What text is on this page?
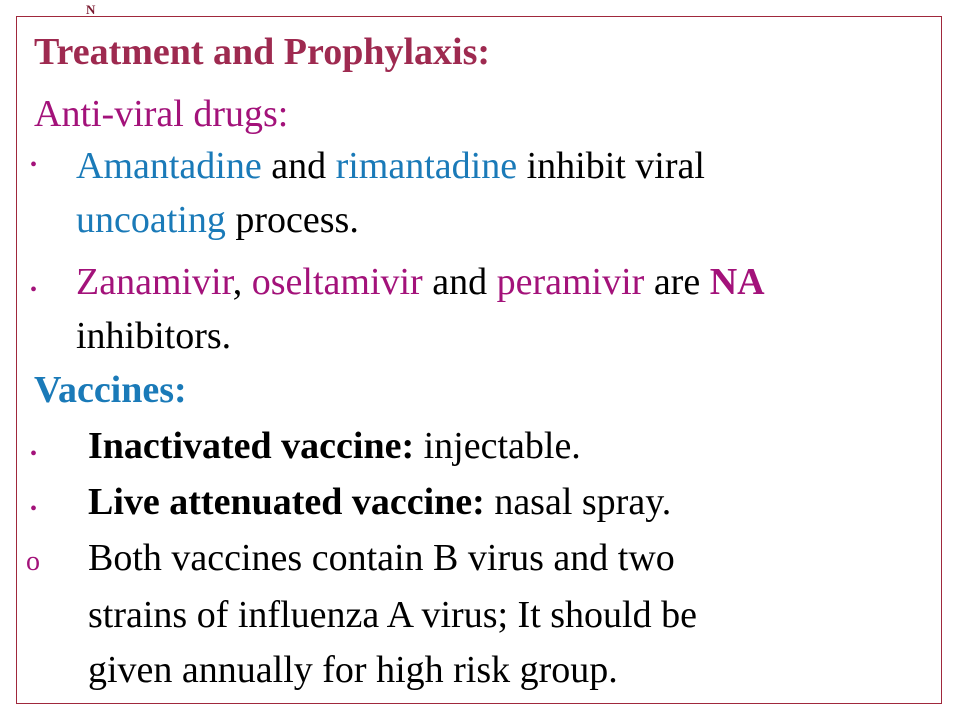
N
Treatment and Prophylaxis:
Anti-viral drugs:
• Amantadine and rimantadine inhibit viral
uncoating process.
• Zanamivir, oseltamivir and peramivir are NA
inhibitors.
Vaccines:
• Inactivated vaccine: injectable.
• Live attenuated vaccine: nasal spray.
o Both vaccines contain B virus and two
strains of influenza A virus; It should be
given annually for high risk group.
